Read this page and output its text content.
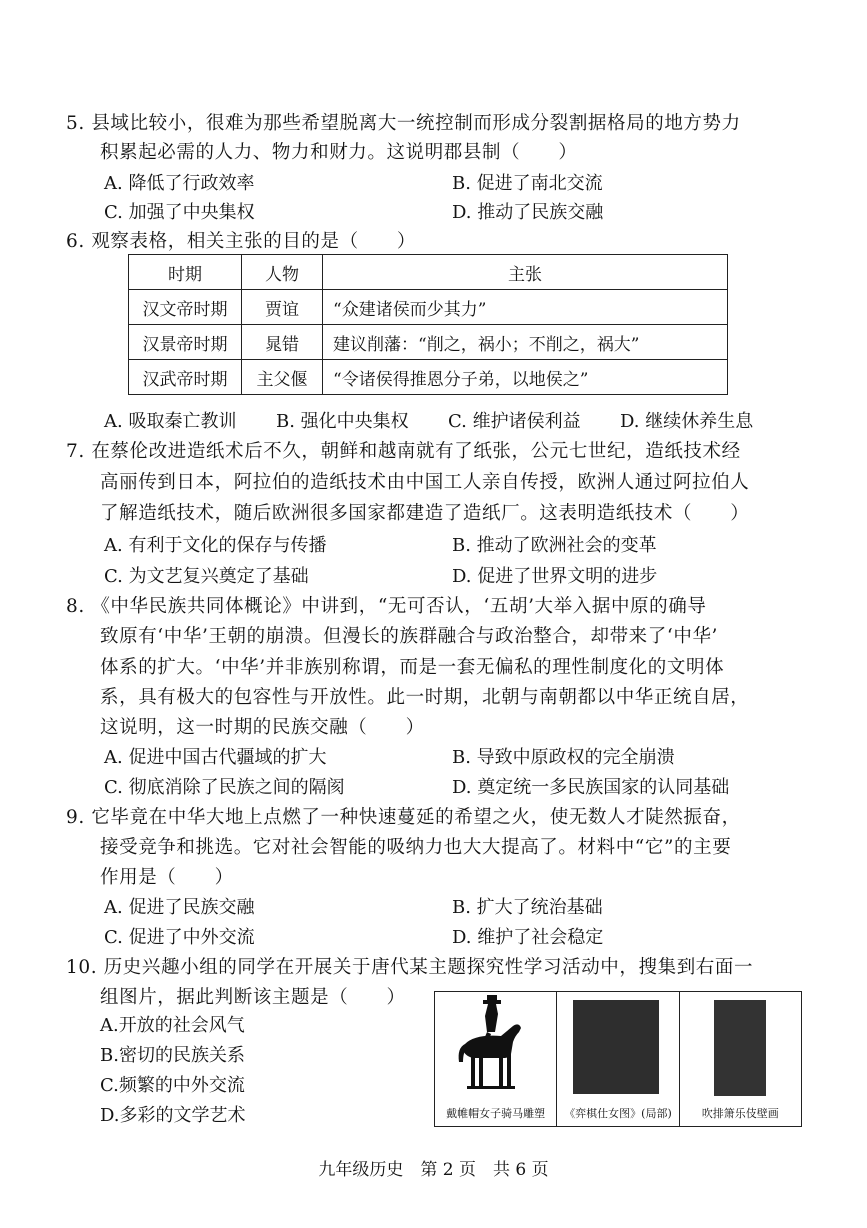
5. 县域比较小，很难为那些希望脱离大一统控制而形成分裂割据格局的地方势力
积累起必需的人力、物力和财力。这说明郡县制（　　）
A. 降低了行政效率	B. 促进了南北交流
C. 加强了中央集权	D. 推动了民族交融
6. 观察表格，相关主张的目的是（　　）
时期	人物	主张
汉文帝时期	贾谊	“众建诸侯而少其力”
汉景帝时期	晁错	建议削藩：“削之，祸小；不削之，祸大”
汉武帝时期	主父偃	“令诸侯得推恩分子弟，以地侯之”
A. 吸取秦亡教训 B. 强化中央集权 C. 维护诸侯利益 D. 继续休养生息
7. 在蔡伦改进造纸术后不久，朝鲜和越南就有了纸张，公元七世纪，造纸技术经
高丽传到日本，阿拉伯的造纸技术由中国工人亲自传授，欧洲人通过阿拉伯人
了解造纸技术，随后欧洲很多国家都建造了造纸厂。这表明造纸技术（　　）
A. 有利于文化的保存与传播	B. 推动了欧洲社会的变革
C. 为文艺复兴奠定了基础	D. 促进了世界文明的进步
8. 《中华民族共同体概论》中讲到，“无可否认，‘五胡’大举入据中原的确导
致原有‘中华’王朝的崩溃。但漫长的族群融合与政治整合，却带来了‘中华’
体系的扩大。‘中华’并非族别称谓，而是一套无偏私的理性制度化的文明体
系，具有极大的包容性与开放性。此一时期，北朝与南朝都以中华正统自居，
这说明，这一时期的民族交融（　　）
A. 促进中国古代疆域的扩大	B. 导致中原政权的完全崩溃
C. 彻底消除了民族之间的隔阂	D. 奠定统一多民族国家的认同基础
9. 它毕竟在中华大地上点燃了一种快速蔓延的希望之火，使无数人才陡然振奋，
接受竞争和挑选。它对社会智能的吸纳力也大大提高了。材料中“它”的主要
作用是（　　）
A. 促进了民族交融	B. 扩大了统治基础
C. 促进了中外交流	D. 维护了社会稳定
10. 历史兴趣小组的同学在开展关于唐代某主题探究性学习活动中，搜集到右面一
组图片，据此判断该主题是（　　）
A.开放的社会风气
B.密切的民族关系
C.频繁的中外交流
D.多彩的文学艺术	戴帷帽女子骑马雕塑	《弈棋仕女图》(局部)	吹排箫乐伎壁画
九年级历史　第 2 页　共 6 页
